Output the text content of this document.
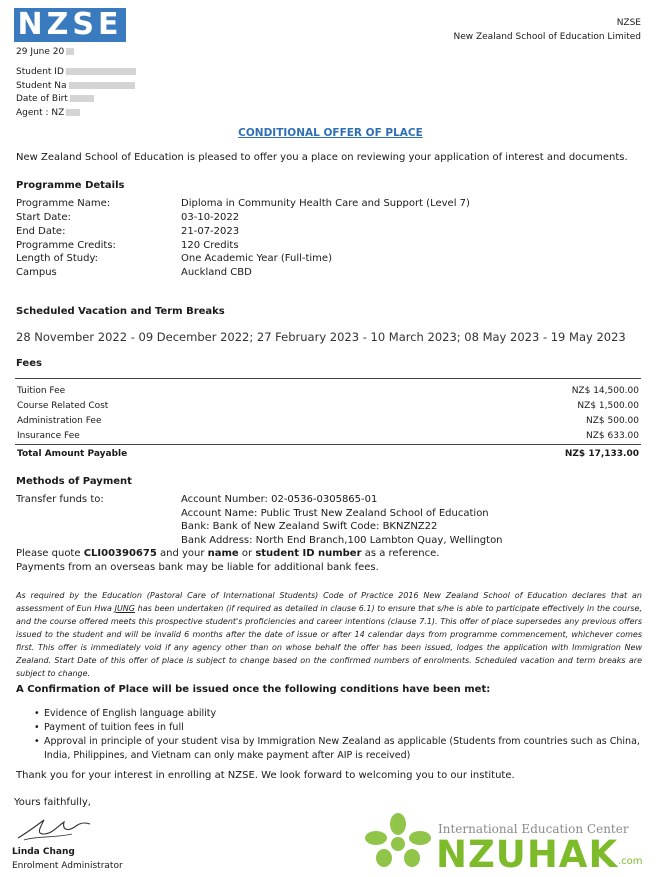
NZSE	NZSE
New Zealand School of Education Limited
29 June 20
Student ID
Student Na
Date of Birt
Agent : NZ
CONDITIONAL OFFER OF PLACE
New Zealand School of Education is pleased to offer you a place on reviewing your application of interest and documents.
Programme Details
Programme Name:	Diploma in Community Health Care and Support (Level 7)
Start Date:	03-10-2022
End Date:	21-07-2023
Programme Credits:	120 Credits
Length of Study:	One Academic Year (Full-time)
Campus	Auckland CBD
Scheduled Vacation and Term Breaks
28 November 2022 - 09 December 2022; 27 February 2023 - 10 March 2023; 08 May 2023 - 19 May 2023
Fees
Tuition Fee	NZ$ 14,500.00
Course Related Cost	NZ$ 1,500.00
Administration Fee	NZ$ 500.00
Insurance Fee	NZ$ 633.00
Total Amount Payable	NZ$ 17,133.00
Methods of Payment
Transfer funds to:	Account Number: 02-0536-0305865-01
Account Name: Public Trust New Zealand School of Education
Bank: Bank of New Zealand Swift Code: BKNZNZ22
Bank Address: North End Branch,100 Lambton Quay, Wellington
Please quote CLI00390675 and your name or student ID number as a reference.
Payments from an overseas bank may be liable for additional bank fees.
As required by the Education (Pastoral Care of International Students) Code of Practice 2016 New Zealand School of Education declares that an assessment of Eun Hwa JUNG has been undertaken (if required as detailed in clause 6.1) to ensure that s/he is able to participate effectively in the course, and the course offered meets this prospective student's proficiencies and career intentions (clause 7.1). This offer of place supersedes any previous offers issued to the student and will be invalid 6 months after the date of issue or after 14 calendar days from programme commencement, whichever comes first. This offer is immediately void if any agency other than on whose behalf the offer has been issued, lodges the application with Immigration New Zealand. Start Date of this offer of place is subject to change based on the confirmed numbers of enrolments. Scheduled vacation and term breaks are subject to change.
A Confirmation of Place will be issued once the following conditions have been met:
• Evidence of English language ability
• Payment of tuition fees in full
• Approval in principle of your student visa by Immigration New Zealand as applicable (Students from countries such as China, India, Philippines, and Vietnam can only make payment after AIP is received)
Thank you for your interest in enrolling at NZSE. We look forward to welcoming you to our institute.
Yours faithfully,
Linda Chang
Enrolment Administrator
International Education Center
NZUHAK .com
